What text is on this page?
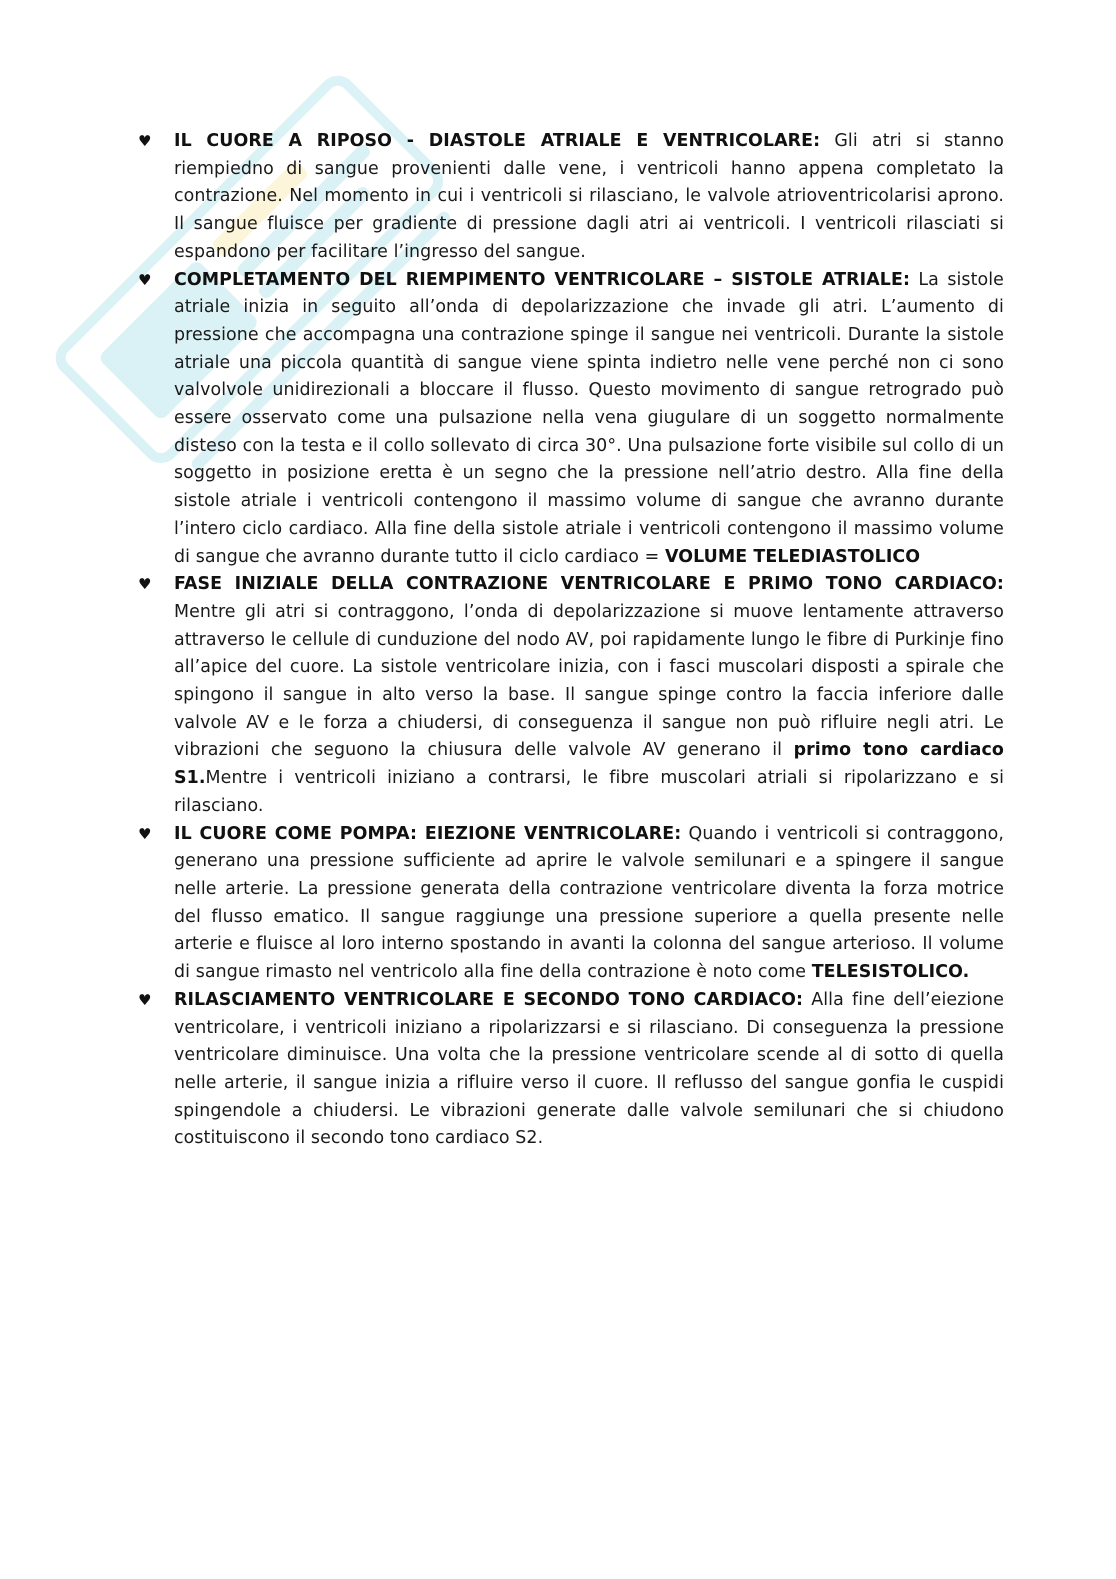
♥ IL CUORE A RIPOSO - DIASTOLE ATRIALE E VENTRICOLARE: Gli atri si stanno riempiedno di sangue provenienti dalle vene, i ventricoli hanno appena completato la contrazione. Nel momento in cui i ventricoli si rilasciano, le valvole atrioventricolarisi aprono. Il sangue fluisce per gradiente di pressione dagli atri ai ventricoli. I ventricoli rilasciati si espandono per facilitare l’ingresso del sangue.
♥ COMPLETAMENTO DEL RIEMPIMENTO VENTRICOLARE – SISTOLE ATRIALE: La sistole atriale inizia in seguito all’onda di depolarizzazione che invade gli atri. L’aumento di pressione che accompagna una contrazione spinge il sangue nei ventricoli. Durante la sistole atriale una piccola quantità di sangue viene spinta indietro nelle vene perché non ci sono valvolvole unidirezionali a bloccare il flusso. Questo movimento di sangue retrogrado può essere osservato come una pulsazione nella vena giugulare di un soggetto normalmente disteso con la testa e il collo sollevato di circa 30°. Una pulsazione forte visibile sul collo di un soggetto in posizione eretta è un segno che la pressione nell’atrio destro. Alla fine della sistole atriale i ventricoli contengono il massimo volume di sangue che avranno durante l’intero ciclo cardiaco. Alla fine della sistole atriale i ventricoli contengono il massimo volume di sangue che avranno durante tutto il ciclo cardiaco = VOLUME TELEDIASTOLICO
♥ FASE INIZIALE DELLA CONTRAZIONE VENTRICOLARE E PRIMO TONO CARDIACO: Mentre gli atri si contraggono, l’onda di depolarizzazione si muove lentamente attraverso attraverso le cellule di cunduzione del nodo AV, poi rapidamente lungo le fibre di Purkinje fino all’apice del cuore. La sistole ventricolare inizia, con i fasci muscolari disposti a spirale che spingono il sangue in alto verso la base. Il sangue spinge contro la faccia inferiore dalle valvole AV e le forza a chiudersi, di conseguenza il sangue non può rifluire negli atri. Le vibrazioni che seguono la chiusura delle valvole AV generano il primo tono cardiaco S1.Mentre i ventricoli iniziano a contrarsi, le fibre muscolari atriali si ripolarizzano e si rilasciano.
♥ IL CUORE COME POMPA: EIEZIONE VENTRICOLARE: Quando i ventricoli si contraggono, generano una pressione sufficiente ad aprire le valvole semilunari e a spingere il sangue nelle arterie. La pressione generata della contrazione ventricolare diventa la forza motrice del flusso ematico. Il sangue raggiunge una pressione superiore a quella presente nelle arterie e fluisce al loro interno spostando in avanti la colonna del sangue arterioso. Il volume di sangue rimasto nel ventricolo alla fine della contrazione è noto come TELESISTOLICO.
♥ RILASCIAMENTO VENTRICOLARE E SECONDO TONO CARDIACO: Alla fine dell’eiezione ventricolare, i ventricoli iniziano a ripolarizzarsi e si rilasciano. Di conseguenza la pressione ventricolare diminuisce. Una volta che la pressione ventricolare scende al di sotto di quella nelle arterie, il sangue inizia a rifluire verso il cuore. Il reflusso del sangue gonfia le cuspidi spingendole a chiudersi. Le vibrazioni generate dalle valvole semilunari che si chiudono costituiscono il secondo tono cardiaco S2.
